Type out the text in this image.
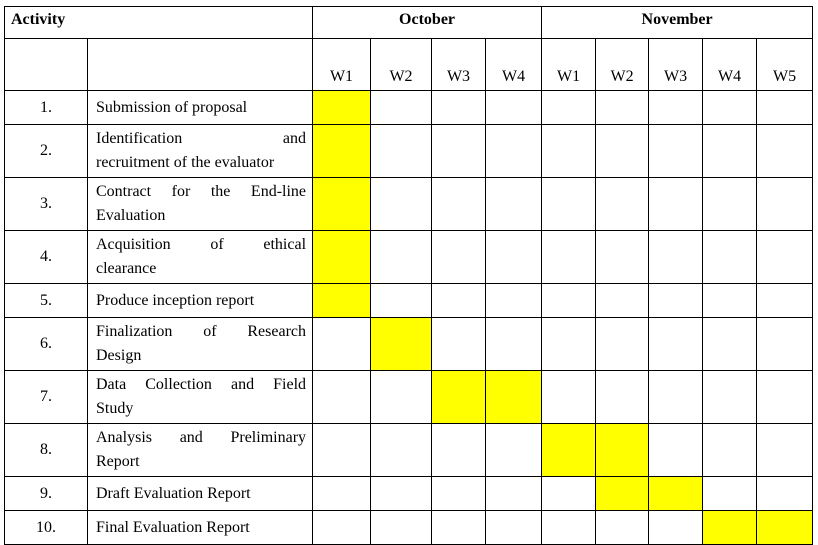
Activity		October				November				
		W1	W2	W3	W4	W1	W2	W3	W4	W5
1.	Submission of proposal									

2.	Identification and
recruitment of the evaluator									

3.	Contract for the End-line
Evaluation									

4.	Acquisition of ethical
clearance									

5.	Produce inception report									

6.	Finalization of Research
Design									

7.	Data Collection and Field
Study									

8.	Analysis and Preliminary
Report									

9.	Draft Evaluation Report									

10.	Final Evaluation Report									
